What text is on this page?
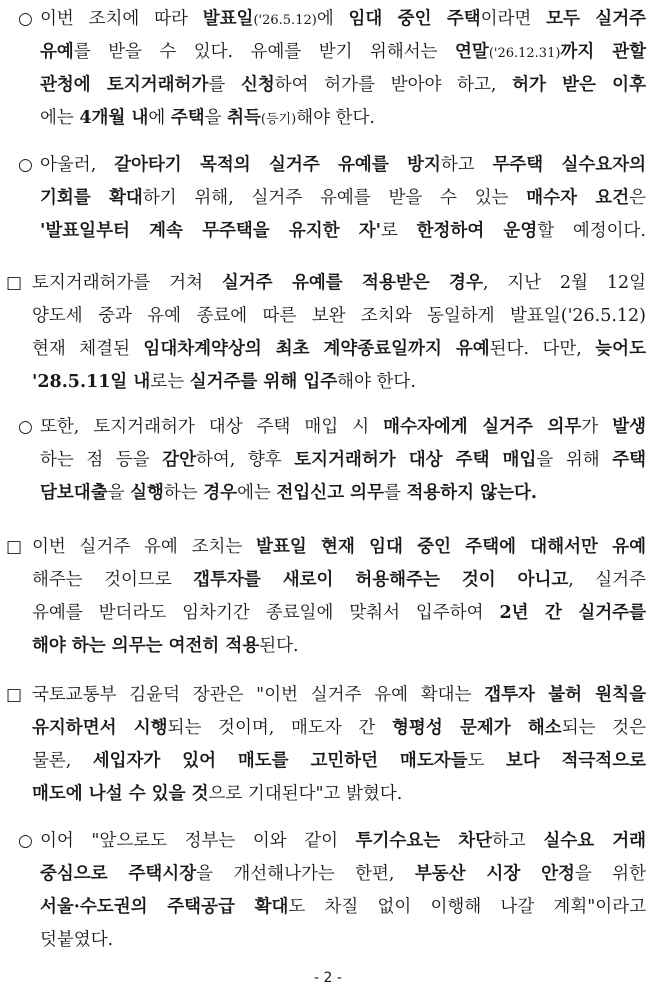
○ 이번 조치에 따라 발표일('26.5.12)에 임대 중인 주택이라면 모두 실거주
유예를 받을 수 있다. 유예를 받기 위해서는 연말('26.12.31)까지 관할
관청에 토지거래허가를 신청하여 허가를 받아야 하고, 허가 받은 이후
에는 4개월 내에 주택을 취득(등기)해야 한다.
○ 아울러, 갈아타기 목적의 실거주 유예를 방지하고 무주택 실수요자의
기회를 확대하기 위해, 실거주 유예를 받을 수 있는 매수자 요건은
'발표일부터 계속 무주택을 유지한 자'로 한정하여 운영할 예정이다.
□ 토지거래허가를 거쳐 실거주 유예를 적용받은 경우, 지난 2월 12일
양도세 중과 유예 종료에 따른 보완 조치와 동일하게 발표일('26.5.12)
현재 체결된 임대차계약상의 최초 계약종료일까지 유예된다. 다만, 늦어도
'28.5.11일 내로는 실거주를 위해 입주해야 한다.
○ 또한, 토지거래허가 대상 주택 매입 시 매수자에게 실거주 의무가 발생
하는 점 등을 감안하여, 향후 토지거래허가 대상 주택 매입을 위해 주택
담보대출을 실행하는 경우에는 전입신고 의무를 적용하지 않는다.
□ 이번 실거주 유예 조치는 발표일 현재 임대 중인 주택에 대해서만 유예
해주는 것이므로 갭투자를 새로이 허용해주는 것이 아니고, 실거주
유예를 받더라도 임차기간 종료일에 맞춰서 입주하여 2년 간 실거주를
해야 하는 의무는 여전히 적용된다.
□ 국토교통부 김윤덕 장관은 "이번 실거주 유예 확대는 갭투자 불허 원칙을
유지하면서 시행되는 것이며, 매도자 간 형평성 문제가 해소되는 것은
물론, 세입자가 있어 매도를 고민하던 매도자들도 보다 적극적으로
매도에 나설 수 있을 것으로 기대된다"고 밝혔다.
○ 이어 "앞으로도 정부는 이와 같이 투기수요는 차단하고 실수요 거래
중심으로 주택시장을 개선해나가는 한편, 부동산 시장 안정을 위한
서울·수도권의 주택공급 확대도 차질 없이 이행해 나갈 계획"이라고
덧붙였다.
- 2 -
